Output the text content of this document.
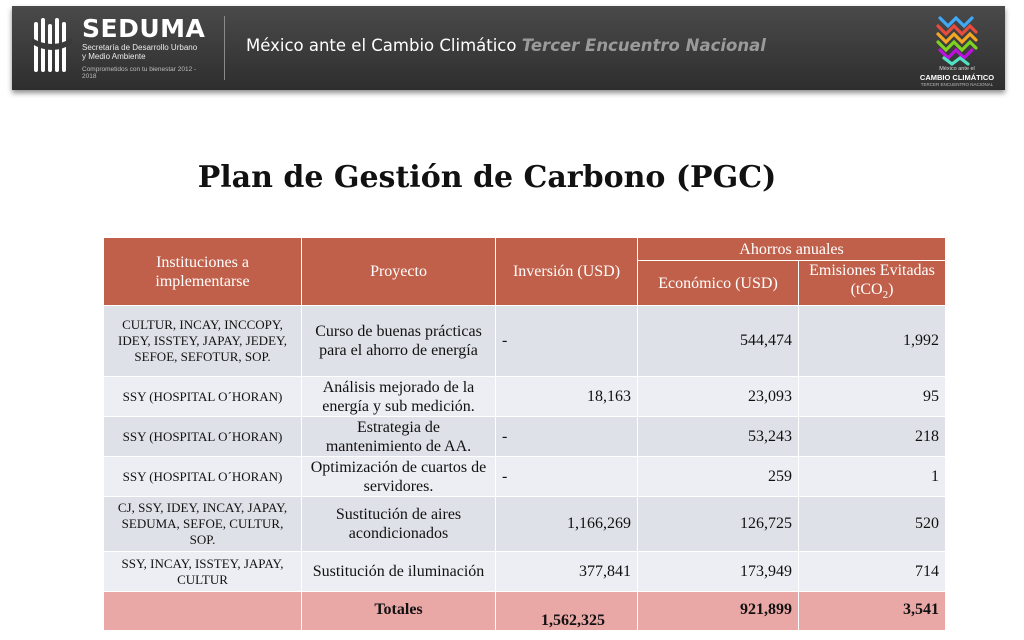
SEDUMA
Secretaría de Desarrollo Urbano y Medio Ambiente
Comprometidos con tu bienestar 2012 - 2018
México ante el Cambio Climático Tercer Encuentro Nacional
México ante el
CAMBIO CLIMÁTICO
TERCER ENCUENTRO NACIONAL
Plan de Gestión de Carbono (PGC)
Instituciones a implementarse	Proyecto	Inversión (USD)	Ahorros anuales	
			Económico (USD)	Emisiones Evitadas (tCO$_2$)
CULTUR, INCAY, INCCOPY, IDEY, ISSTEY, JAPAY, JEDEY, SEFOE, SEFOTUR, SOP.	Curso de buenas prácticas para el ahorro de energía	-	544,474	1,992
SSY (HOSPITAL O´HORAN)	Análisis mejorado de la energía y sub medición.	18,163	23,093	95
SSY (HOSPITAL O´HORAN)	Estrategia de mantenimiento de AA.	-	53,243	218
SSY (HOSPITAL O´HORAN)	Optimización de cuartos de servidores.	-	259	1
CJ, SSY, IDEY, INCAY, JAPAY, SEDUMA, SEFOE, CULTUR, SOP.	Sustitución de aires acondicionados	1,166,269	126,725	520
SSY, INCAY, ISSTEY, JAPAY, CULTUR	Sustitución de iluminación	377,841	173,949	714
	Totales	1,562,325	921,899	3,541
